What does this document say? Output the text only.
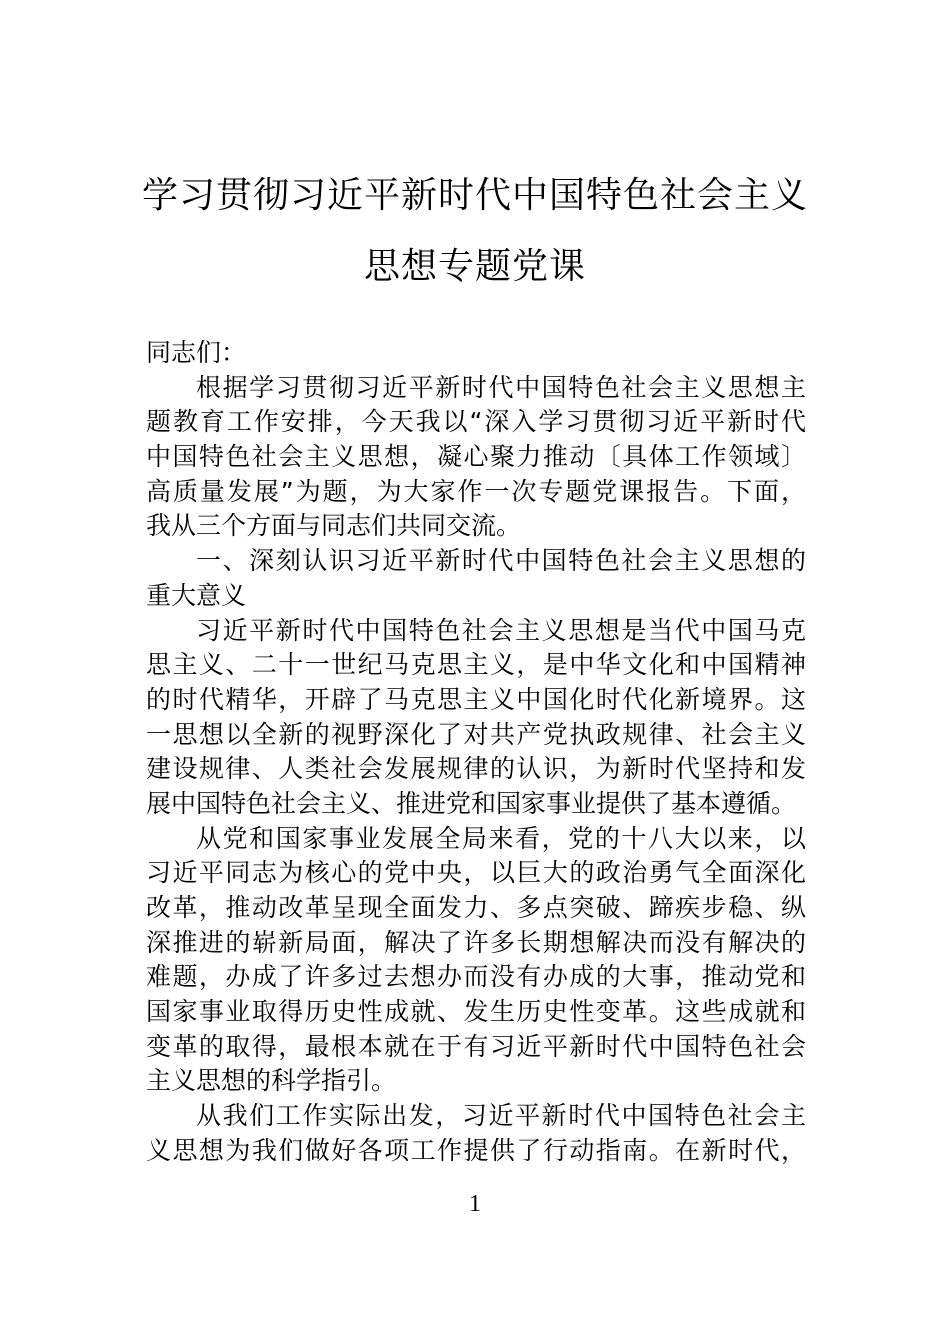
学习贯彻习近平新时代中国特色社会主义
思想专题党课
同志们：
根据学习贯彻习近平新时代中国特色社会主义思想主
题教育工作安排，今天我以“深入学习贯彻习近平新时代
中国特色社会主义思想，凝心聚力推动〔具体工作领域〕
高质量发展”为题，为大家作一次专题党课报告。下面，
我从三个方面与同志们共同交流。
一、深刻认识习近平新时代中国特色社会主义思想的
重大意义
习近平新时代中国特色社会主义思想是当代中国马克
思主义、二十一世纪马克思主义，是中华文化和中国精神
的时代精华，开辟了马克思主义中国化时代化新境界。这
一思想以全新的视野深化了对共产党执政规律、社会主义
建设规律、人类社会发展规律的认识，为新时代坚持和发
展中国特色社会主义、推进党和国家事业提供了基本遵循。
从党和国家事业发展全局来看，党的十八大以来，以
习近平同志为核心的党中央，以巨大的政治勇气全面深化
改革，推动改革呈现全面发力、多点突破、蹄疾步稳、纵
深推进的崭新局面，解决了许多长期想解决而没有解决的
难题，办成了许多过去想办而没有办成的大事，推动党和
国家事业取得历史性成就、发生历史性变革。这些成就和
变革的取得，最根本就在于有习近平新时代中国特色社会
主义思想的科学指引。
从我们工作实际出发，习近平新时代中国特色社会主
义思想为我们做好各项工作提供了行动指南。在新时代，
1
